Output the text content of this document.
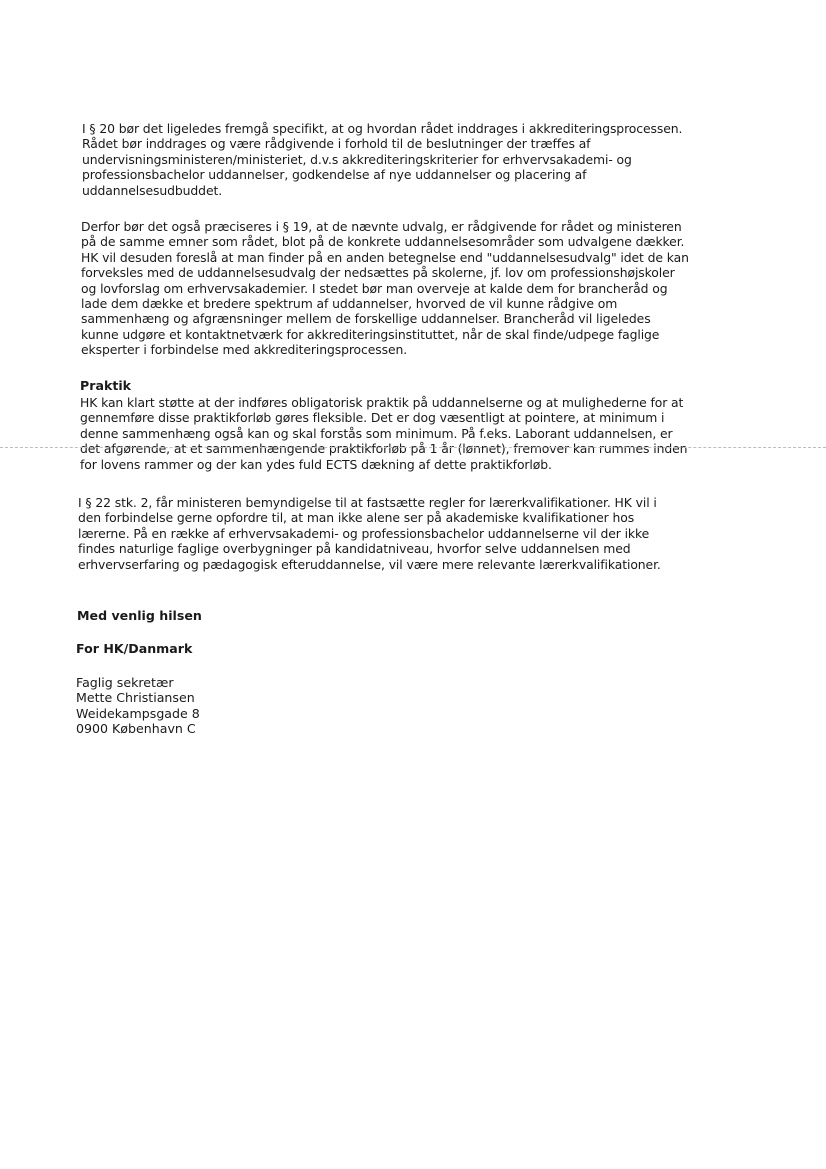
I § 20 bør det ligeledes fremgå specifikt, at og hvordan rådet inddrages i akkrediteringsprocessen.
Rådet bør inddrages og være rådgivende i forhold til de beslutninger der træffes af
undervisningsministeren/ministeriet, d.v.s akkrediteringskriterier for erhvervsakademi- og
professionsbachelor uddannelser, godkendelse af nye uddannelser og placering af
uddannelsesudbuddet.
Derfor bør det også præciseres i § 19, at de nævnte udvalg, er rådgivende for rådet og ministeren
på de samme emner som rådet, blot på de konkrete uddannelsesområder som udvalgene dækker.
HK vil desuden foreslå at man finder på en anden betegnelse end "uddannelsesudvalg" idet de kan
forveksles med de uddannelsesudvalg der nedsættes på skolerne, jf. lov om professionshøjskoler
og lovforslag om erhvervsakademier. I stedet bør man overveje at kalde dem for brancheråd og
lade dem dække et bredere spektrum af uddannelser, hvorved de vil kunne rådgive om
sammenhæng og afgrænsninger mellem de forskellige uddannelser. Brancheråd vil ligeledes
kunne udgøre et kontaktnetværk for akkrediteringsinstituttet, når de skal finde/udpege faglige
eksperter i forbindelse med akkrediteringsprocessen.
Praktik
HK kan klart støtte at der indføres obligatorisk praktik på uddannelserne og at mulighederne for at
gennemføre disse praktikforløb gøres fleksible. Det er dog væsentligt at pointere, at minimum i
denne sammenhæng også kan og skal forstås som minimum. På f.eks. Laborant uddannelsen, er
det afgørende, at et sammenhængende praktikforløb på 1 år (lønnet), fremover kan rummes inden
for lovens rammer og der kan ydes fuld ECTS dækning af dette praktikforløb.
I § 22 stk. 2, får ministeren bemyndigelse til at fastsætte regler for lærerkvalifikationer. HK vil i
den forbindelse gerne opfordre til, at man ikke alene ser på akademiske kvalifikationer hos
lærerne. På en række af erhvervsakademi- og professionsbachelor uddannelserne vil der ikke
findes naturlige faglige overbygninger på kandidatniveau, hvorfor selve uddannelsen med
erhvervserfaring og pædagogisk efteruddannelse, vil være mere relevante lærerkvalifikationer.
Med venlig hilsen
For HK/Danmark
Faglig sekretær
Mette Christiansen
Weidekampsgade 8
0900 København C
